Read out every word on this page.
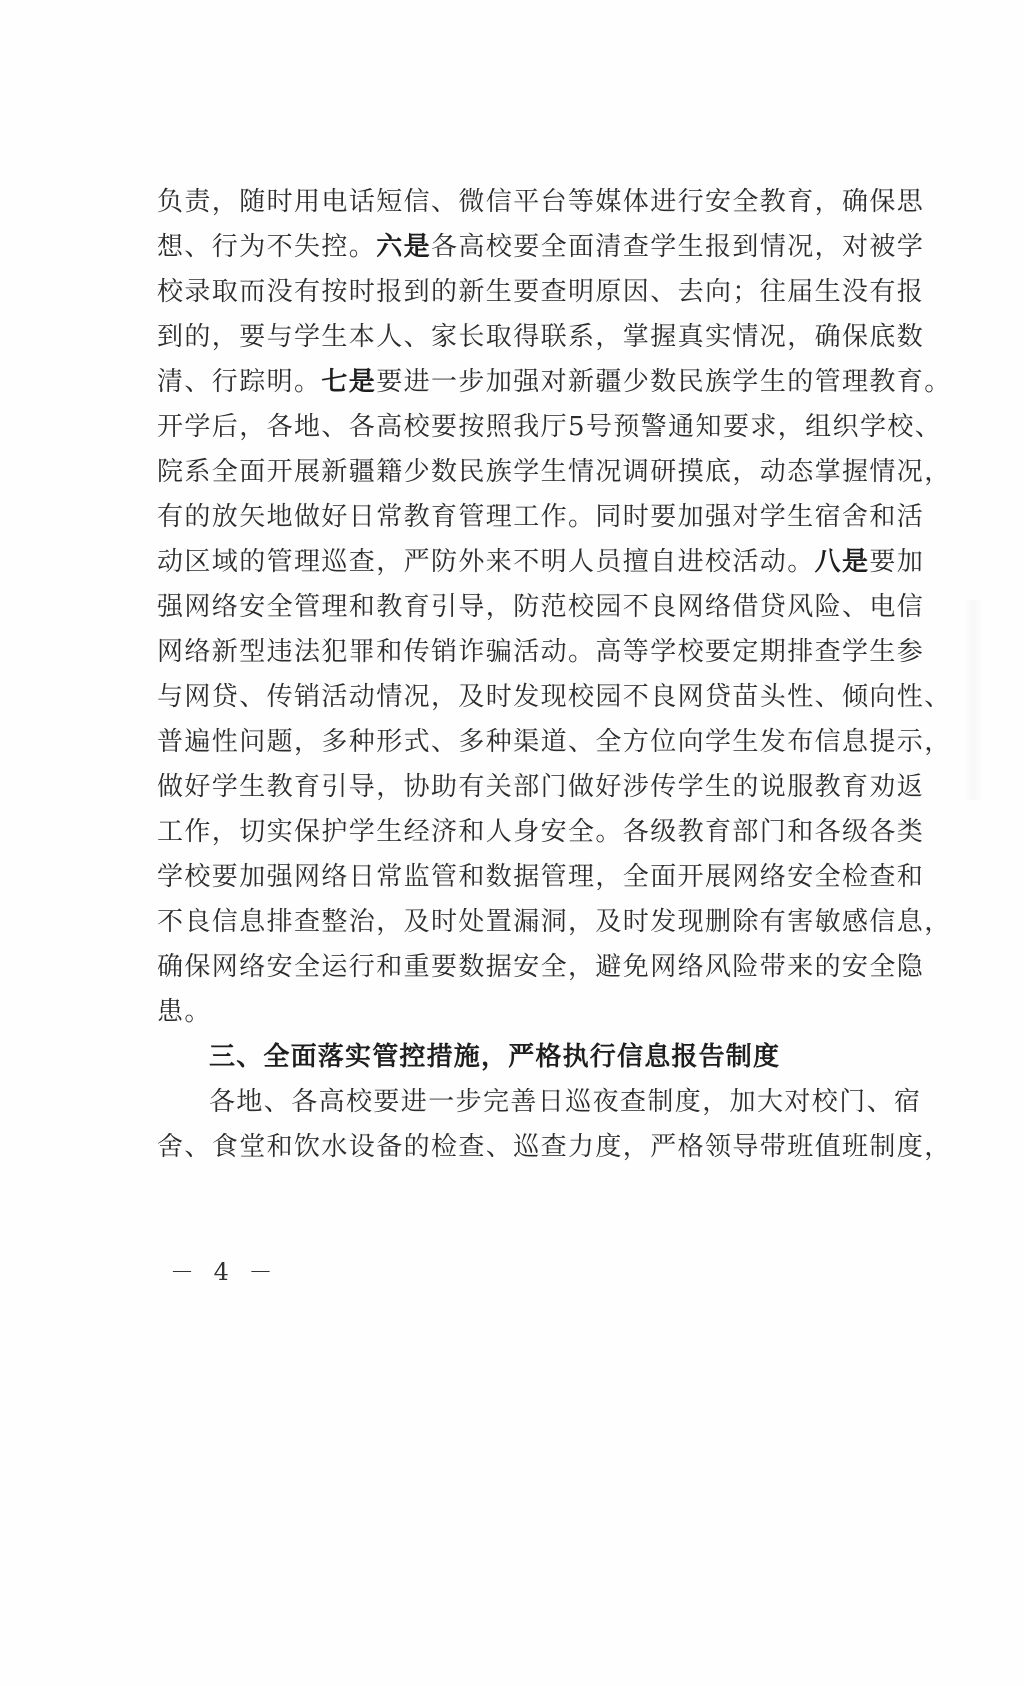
负责，随时用电话短信、微信平台等媒体进行安全教育，确保思

想、行为不失控。六是各高校要全面清查学生报到情况，对被学

校录取而没有按时报到的新生要查明原因、去向；往届生没有报

到的，要与学生本人、家长取得联系，掌握真实情况，确保底数

清、行踪明。七是要进一步加强对新疆少数民族学生的管理教育。

开学后，各地、各高校要按照我厅5号预警通知要求，组织学校、

院系全面开展新疆籍少数民族学生情况调研摸底，动态掌握情况，

有的放矢地做好日常教育管理工作。同时要加强对学生宿舍和活

动区域的管理巡查，严防外来不明人员擅自进校活动。八是要加

强网络安全管理和教育引导，防范校园不良网络借贷风险、电信

网络新型违法犯罪和传销诈骗活动。高等学校要定期排查学生参

与网贷、传销活动情况，及时发现校园不良网贷苗头性、倾向性、

普遍性问题，多种形式、多种渠道、全方位向学生发布信息提示，

做好学生教育引导，协助有关部门做好涉传学生的说服教育劝返

工作，切实保护学生经济和人身安全。各级教育部门和各级各类

学校要加强网络日常监管和数据管理，全面开展网络安全检查和

不良信息排查整治，及时处置漏洞，及时发现删除有害敏感信息，

确保网络安全运行和重要数据安全，避免网络风险带来的安全隐

患。

三、全面落实管控措施，严格执行信息报告制度

各地、各高校要进一步完善日巡夜查制度，加大对校门、宿

舍、食堂和饮水设备的检查、巡查力度，严格领导带班值班制度，

－ 4 －
